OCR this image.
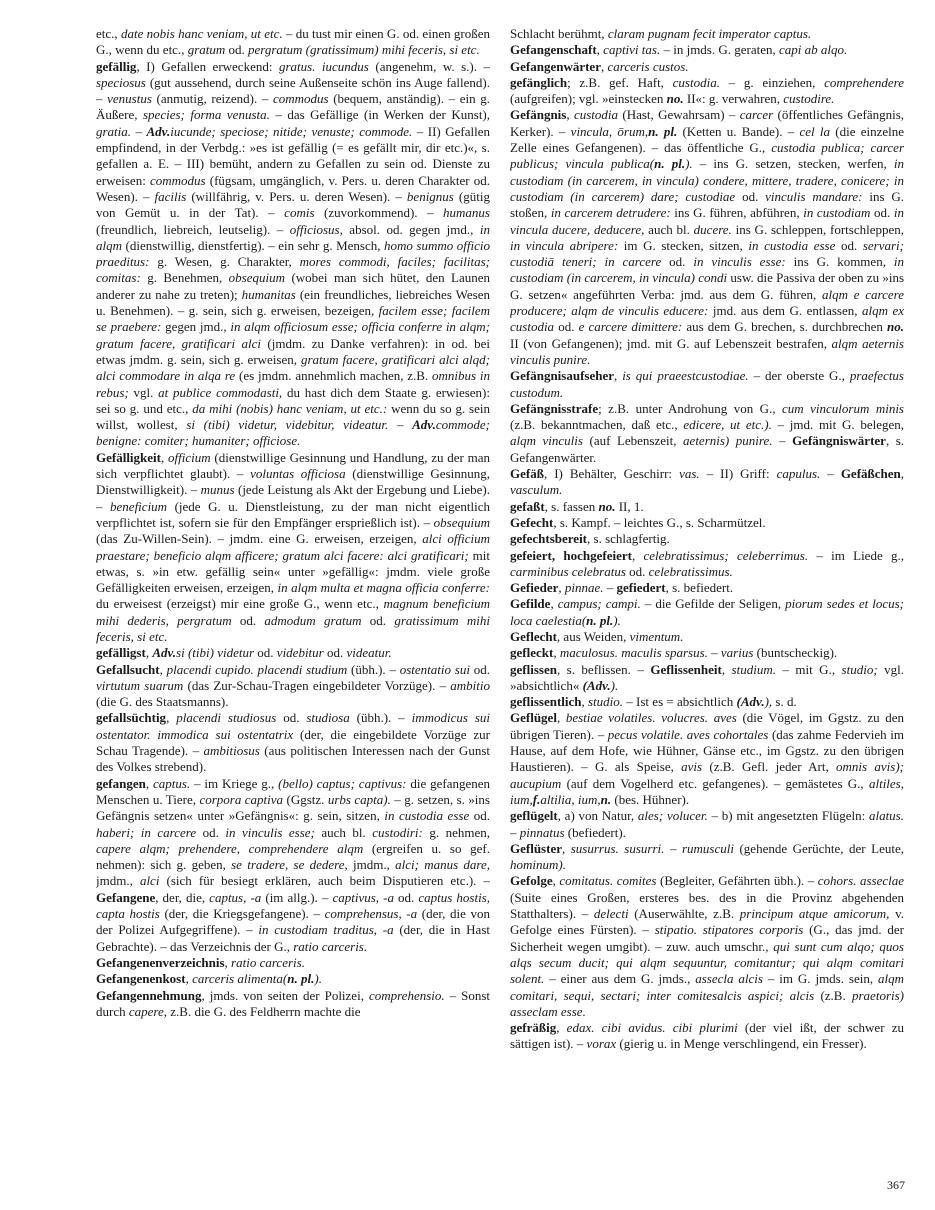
etc., date nobis hanc veniam, ut etc. – du tust mir einen G. od. einen großen G., wenn du etc., gratum od. pergratum (gratissimum) mihi feceris, si etc.

gefällig, I) Gefallen erweckend: gratus. iucundus (angenehm, w. s.). – speciosus (gut aussehend, durch seine Außenseite schön ins Auge fallend). – venustus (anmutig, reizend). – commodus (bequem, anständig). – ein g. Äußere, species; forma venusta. – das Gefällige (in Werken der Kunst), gratia. – Adv.iucunde; speciose; nitide; venuste; commode. – II) Gefallen empfindend, in der Verbdg.: »es ist gefällig (= es gefällt mir, dir etc.)«, s. gefallen a. E. – III) bemüht, andern zu Gefallen zu sein od. Dienste zu erweisen: commodus (fügsam, umgänglich, v. Pers. u. deren Charakter od. Wesen). – facilis (willfährig, v. Pers. u. deren Wesen). – benignus (gütig von Gemüt u. in der Tat). – comis (zuvorkommend). – humanus (freundlich, liebreich, leutselig). – officiosus, absol. od. gegen jmd., in alqm (dienstwillig, dienstfertig). – ein sehr g. Mensch, homo summo officio praeditus: g. Wesen, g. Charakter, mores commodi, faciles; facilitas; comitas: g. Benehmen, obsequium (wobei man sich hütet, den Launen anderer zu nahe zu treten); humanitas (ein freundliches, liebreiches Wesen u. Benehmen). – g. sein, sich g. erweisen, bezeigen, facilem esse; facilem se praebere: gegen jmd., in alqm officiosum esse; officia conferre in alqm; gratum facere, gratificari alci (jmdm. zu Danke verfahren): in od. bei etwas jmdm. g. sein, sich g. erweisen, gratum facere, gratificari alci alqd; alci commodare in alqa re (es jmdm. annehmlich machen, z.B. omnibus in rebus; vgl. at publice commodasti, du hast dich dem Staate g. erwiesen): sei so g. und etc., da mihi (nobis) hanc veniam, ut etc.: wenn du so g. sein willst, wollest, si (tibi) videtur, videbitur, videatur. – Adv.commode; benigne: comiter; humaniter; officiose.

Gefälligkeit, officium (dienstwillige Gesinnung und Handlung, zu der man sich verpflichtet glaubt). – voluntas officiosa (dienstwillige Gesinnung, Dienstwilligkeit). – munus (jede Leistung als Akt der Ergebung und Liebe). – beneficium (jede G. u. Dienstleistung, zu der man nicht eigentlich verpflichtet ist, sofern sie für den Empfänger ersprießlich ist). – obsequium (das Zu-Willen-Sein). – jmdm. eine G. erweisen, erzeigen, alci officium praestare; beneficio alqm afficere; gratum alci facere: alci gratificari; mit etwas, s. »in etw. gefällig sein« unter »gefällig«: jmdm. viele große Gefälligkeiten erweisen, erzeigen, in alqm multa et magna officia conferre: du erweisest (erzeigst) mir eine große G., wenn etc., magnum beneficium mihi dederis, pergratum od. admodum gratum od. gratissimum mihi feceris, si etc.

gefälligst, Adv.si (tibi) videtur od. videbitur od. videatur.

Gefallsucht, placendi cupido. placendi studium (übh.). – ostentatio sui od. virtutum suarum (das Zur-Schau-Tragen eingebildeter Vorzüge). – ambitio (die G. des Staatsmanns).

gefallsüchtig, placendi studiosus od. studiosa (übh.). – immodicus sui ostentator. immodica sui ostentatrix (der, die eingebildete Vorzüge zur Schau Tragende). – ambitiosus (aus politischen Interessen nach der Gunst des Volkes strebend).

gefangen, captus. – im Kriege g., (bello) captus; captivus: die gefangenen Menschen u. Tiere, corpora captiva (Ggstz. urbs capta). – g. setzen, s. »ins Gefängnis setzen« unter »Gefängnis«: g. sein, sitzen, in custodia esse od. haberi; in carcere od. in vinculis esse; auch bl. custodiri: g. nehmen, capere alqm; prehendere, comprehendere alqm (ergreifen u. so gef. nehmen): sich g. geben, se tradere, se dedere, jmdm., alci; manus dare, jmdm., alci (sich für besiegt erklären, auch beim Disputieren etc.). – Gefangene, der, die, captus, -a (im allg.). – captivus, -a od. captus hostis, capta hostis (der, die Kriegsgefangene). – comprehensus, -a (der, die von der Polizei Aufgegriffene). – in custodiam traditus, -a (der, die in Hast Gebrachte). – das Verzeichnis der G., ratio carceris.

Gefangenenverzeichnis, ratio carceris.

Gefangenenkost, carceris alimenta(n. pl.).

Gefangennehmung, jmds. von seiten der Polizei, comprehensio. – Sonst durch capere, z.B. die G. des Feldherrn machte die

Schlacht berühmt, claram pugnam fecit imperator captus.

Gefangenschaft, captivi tas. – in jmds. G. geraten, capi ab alqo.

Gefangenwärter, carceris custos.

gefänglich; z.B. gef. Haft, custodia. – g. einziehen, comprehendere (aufgreifen); vgl. »einstecken no. II«: g. verwahren, custodire.

Gefängnis, custodia (Hast, Gewahrsam) – carcer (öffentliches Gefängnis, Kerker). – vincula, ōrum,n. pl. (Ketten u. Bande). – cel la (die einzelne Zelle eines Gefangenen). – das öffentliche G., custodia publica; carcer publicus; vincula publica(n. pl.). – ins G. setzen, stecken, werfen, in custodiam (in carcerem, in vincula) condere, mittere, tradere, conicere; in custodiam (in carcerem) dare; custodiae od. vinculis mandare: ins G. stoßen, in carcerem detrudere: ins G. führen, abführen, in custodiam od. in vincula ducere, deducere, auch bl. ducere. ins G. schleppen, fortschleppen, in vincula abripere: im G. stecken, sitzen, in custodia esse od. servari; custodiā teneri; in carcere od. in vinculis esse: ins G. kommen, in custodiam (in carcerem, in vincula) condi usw. die Passiva der oben zu »ins G. setzen« angeführten Verba: jmd. aus dem G. führen, alqm e carcere producere; alqm de vinculis educere: jmd. aus dem G. entlassen, alqm ex custodia od. e carcere dimittere: aus dem G. brechen, s. durchbrechen no. II (von Gefangenen); jmd. mit G. auf Lebenszeit bestrafen, alqm aeternis vinculis punire.

Gefängnisaufseher, is qui praeestcustodiae. – der oberste G., praefectus custodum.

Gefängnisstrafe; z.B. unter Androhung von G., cum vinculorum minis (z.B. bekanntmachen, daß etc., edicere, ut etc.). – jmd. mit G. belegen, alqm vinculis (auf Lebenszeit, aeternis) punire. – Gefängniswärter, s. Gefangenwärter.

Gefäß, I) Behälter, Geschirr: vas. – II) Griff: capulus. – Gefäßchen, vasculum.

gefaßt, s. fassen no. II, 1.

Gefecht, s. Kampf. – leichtes G., s. Scharmützel.

gefechtsbereit, s. schlagfertig.

gefeiert, hochgefeiert, celebratissimus; celeberrimus. – im Liede g., carminibus celebratus od. celebratissimus.

Gefieder, pinnae. – gefiedert, s. befiedert.

Gefilde, campus; campi. – die Gefilde der Seligen, piorum sedes et locus; loca caelestia(n. pl.).

Geflecht, aus Weiden, vimentum.

gefleckt, maculosus. maculis sparsus. – varius (buntscheckig).

geflissen, s. beflissen. – Geflissenheit, studium. – mit G., studio; vgl. »absichtlich« (Adv.).

geflissentlich, studio. – Ist es = absichtlich (Adv.), s. d.

Geflügel, bestiae volatiles. volucres. aves (die Vögel, im Ggstz. zu den übrigen Tieren). – pecus volatile. aves cohortales (das zahme Federvieh im Hause, auf dem Hofe, wie Hühner, Gänse etc., im Ggstz. zu den übrigen Haustieren). – G. als Speise, avis (z.B. Gefl. jeder Art, omnis avis); aucupium (auf dem Vogelherd etc. gefangenes). – gemästetes G., altiles, ium,f.altilia, ium,n. (bes. Hühner).

geflügelt, a) von Natur, ales; volucer. – b) mit angesetzten Flügeln: alatus. – pinnatus (befiedert).

Geflüster, susurrus. susurri. – rumusculi (gehende Gerüchte, der Leute, hominum).

Gefolge, comitatus. comites (Begleiter, Gefährten übh.). – cohors. asseclae (Suite eines Großen, ersteres bes. des in die Provinz abgehenden Statthalters). – delecti (Auserwählte, z.B. principum atque amicorum, v. Gefolge eines Fürsten). – stipatio. stipatores corporis (G., das jmd. der Sicherheit wegen umgibt). – zuw. auch umschr., qui sunt cum alqo; quos alqs secum ducit; qui alqm sequuntur, comitantur; qui alqm comitari solent. – einer aus dem G. jmds., assecla alcis – im G. jmds. sein, alqm comitari, sequi, sectari; inter comitesalcis aspici; alcis (z.B. praetoris) asseclam esse.

gefräßig, edax. cibi avidus. cibi plurimi (der viel ißt, der schwer zu sättigen ist). – vorax (gierig u. in Menge verschlingend, ein Fresser).

367
